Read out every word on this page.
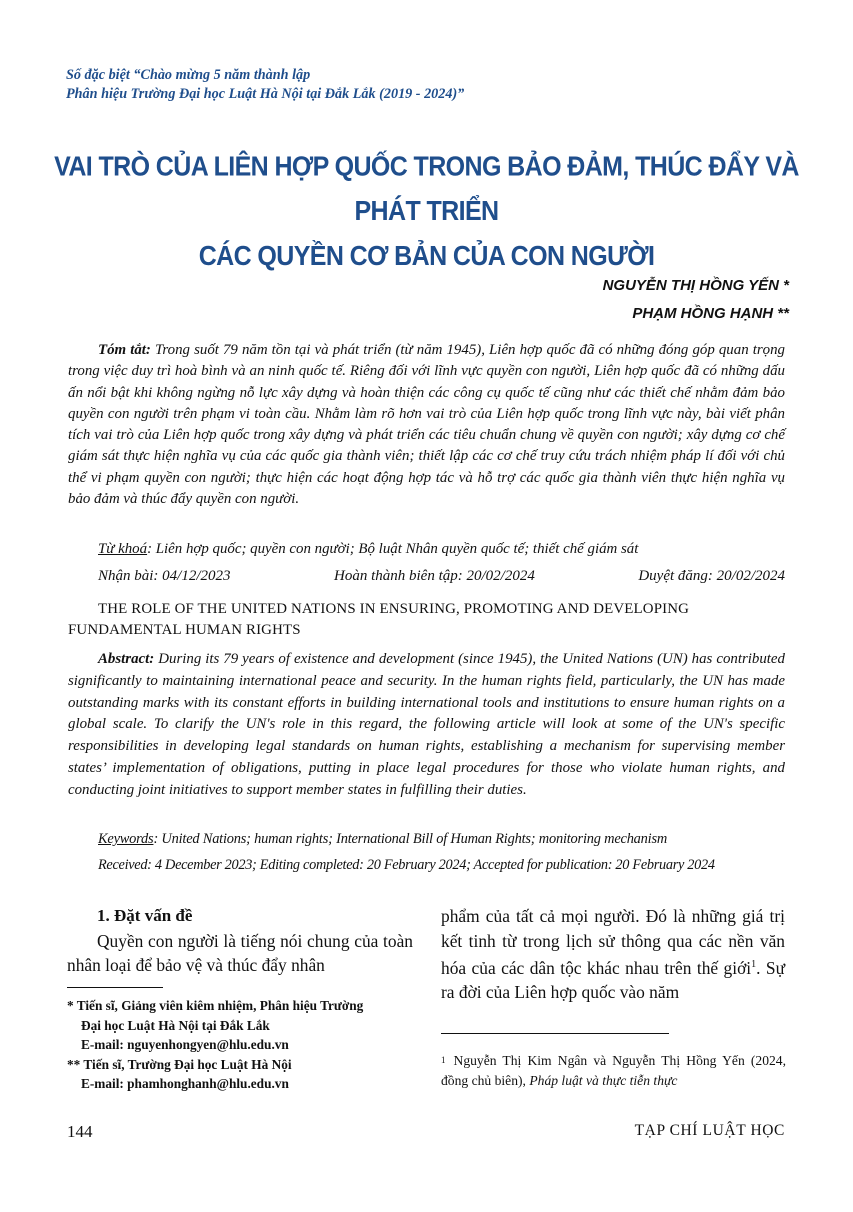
Số đặc biệt “Chào mừng 5 năm thành lập
Phân hiệu Trường Đại học Luật Hà Nội tại Đắk Lắk (2019 - 2024)”
VAI TRÒ CỦA LIÊN HỢP QUỐC TRONG BẢO ĐẢM, THÚC ĐẨY VÀ PHÁT TRIỂN
CÁC QUYỀN CƠ BẢN CỦA CON NGƯỜI
NGUYỄN THỊ HỒNG YẾN *
PHẠM HỒNG HẠNH **
Tóm tắt: Trong suốt 79 năm tồn tại và phát triển (từ năm 1945), Liên hợp quốc đã có những đóng góp quan trọng trong việc duy trì hoà bình và an ninh quốc tế. Riêng đối với lĩnh vực quyền con người, Liên hợp quốc đã có những dấu ấn nổi bật khi không ngừng nỗ lực xây dựng và hoàn thiện các công cụ quốc tế cũng như các thiết chế nhằm đảm bảo quyền con người trên phạm vi toàn cầu. Nhằm làm rõ hơn vai trò của Liên hợp quốc trong lĩnh vực này, bài viết phân tích vai trò của Liên hợp quốc trong xây dựng và phát triển các tiêu chuẩn chung về quyền con người; xây dựng cơ chế giám sát thực hiện nghĩa vụ của các quốc gia thành viên; thiết lập các cơ chế truy cứu trách nhiệm pháp lí đối với chủ thể vi phạm quyền con người; thực hiện các hoạt động hợp tác và hỗ trợ các quốc gia thành viên thực hiện nghĩa vụ bảo đảm và thúc đẩy quyền con người.
Từ khoá: Liên hợp quốc; quyền con người; Bộ luật Nhân quyền quốc tế; thiết chế giám sát
Nhận bài: 04/12/2023	Hoàn thành biên tập: 20/02/2024	Duyệt đăng: 20/02/2024
THE ROLE OF THE UNITED NATIONS IN ENSURING, PROMOTING AND DEVELOPING FUNDAMENTAL HUMAN RIGHTS
Abstract: During its 79 years of existence and development (since 1945), the United Nations (UN) has contributed significantly to maintaining international peace and security. In the human rights field, particularly, the UN has made outstanding marks with its constant efforts in building international tools and institutions to ensure human rights on a global scale. To clarify the UN's role in this regard, the following article will look at some of the UN's specific responsibilities in developing legal standards on human rights, establishing a mechanism for supervising member states’ implementation of obligations, putting in place legal procedures for those who violate human rights, and conducting joint initiatives to support member states in fulfilling their duties.
Keywords: United Nations; human rights; International Bill of Human Rights; monitoring mechanism
Received: 4 December 2023; Editing completed: 20 February 2024; Accepted for publication: 20 February 2024
1. Đặt vấn đề
Quyền con người là tiếng nói chung của toàn nhân loại để bảo vệ và thúc đẩy nhân
phẩm của tất cả mọi người. Đó là những giá trị kết tinh từ trong lịch sử thông qua các nền văn hóa của các dân tộc khác nhau trên thế giới$^1$. Sự ra đời của Liên hợp quốc vào năm
* Tiến sĩ, Giảng viên kiêm nhiệm, Phân hiệu Trường
Đại học Luật Hà Nội tại Đắk Lắk
E-mail: nguyenhongyen@hlu.edu.vn
** Tiến sĩ, Trường Đại học Luật Hà Nội
E-mail: phamhonghanh@hlu.edu.vn
$^1$ Nguyễn Thị Kim Ngân và Nguyễn Thị Hồng Yến (2024, đồng chủ biên), Pháp luật và thực tiễn thực
144	TẠP CHÍ LUẬT HỌC
